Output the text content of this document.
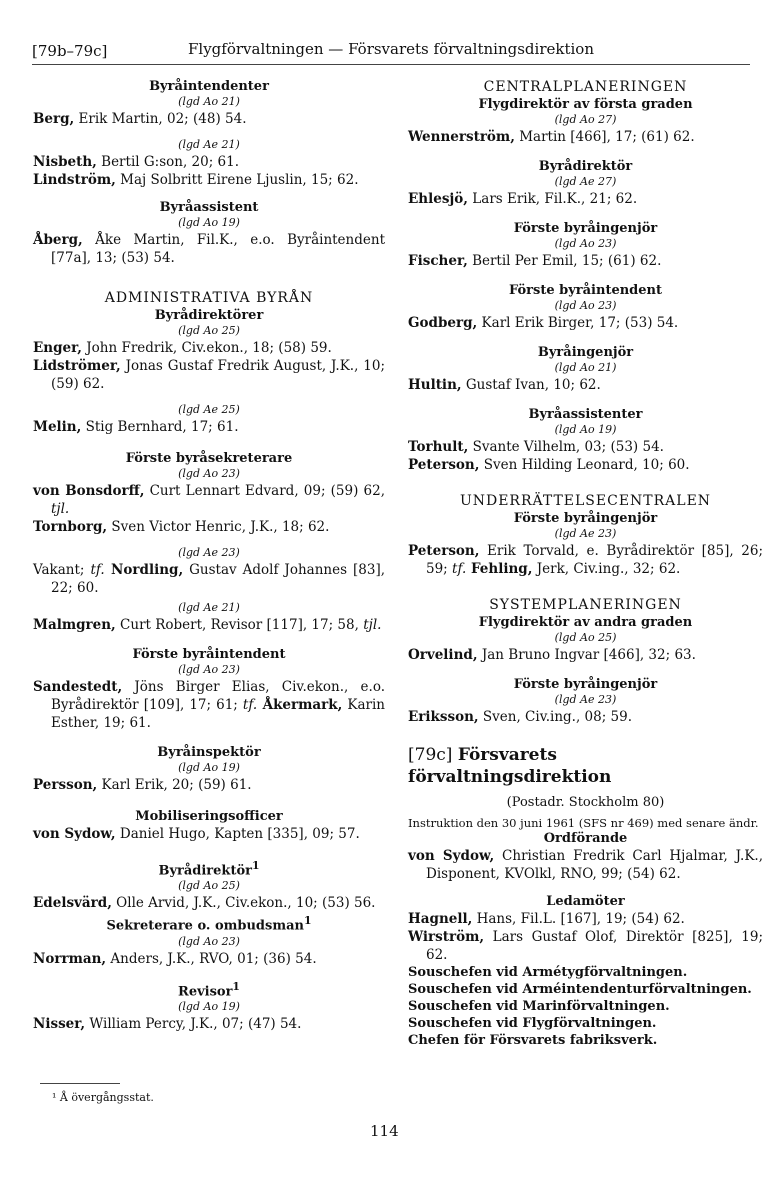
[79b–79c]	Flygförvaltningen — Försvarets förvaltningsdirektion

Byråintendenter

(lgd Ao 21)

Berg, Erik Martin, 02; (48) 54.

(lgd Ae 21)

Nisbeth, Bertil G:son, 20; 61.

Lindström, Maj Solbritt Eirene Ljuslin, 15; 62.

Byråassistent

(lgd Ao 19)

Åberg, Åke Martin, Fil.K., e.o. Byråintendent [77a], 13; (53) 54.

ADMINISTRATIVA BYRÅN

Byrådirektörer

(lgd Ao 25)

Enger, John Fredrik, Civ.ekon., 18; (58) 59.

Lidströmer, Jonas Gustaf Fredrik August, J.K., 10; (59) 62.

(lgd Ae 25)

Melin, Stig Bernhard, 17; 61.

Förste byråsekreterare

(lgd Ao 23)

von Bonsdorff, Curt Lennart Edvard, 09; (59) 62, tjl.

Tornborg, Sven Victor Henric, J.K., 18; 62.

(lgd Ae 23)

Vakant; tf. Nordling, Gustav Adolf Johannes [83], 22; 60.

(lgd Ae 21)

Malmgren, Curt Robert, Revisor [117], 17; 58, tjl.

Förste byråintendent

(lgd Ao 23)

Sandestedt, Jöns Birger Elias, Civ.ekon., e.o. Byrådirektör [109], 17; 61; tf. Åkermark, Karin Esther, 19; 61.

Byråinspektör

(lgd Ao 19)

Persson, Karl Erik, 20; (59) 61.

Mobiliseringsofficer

von Sydow, Daniel Hugo, Kapten [335], 09; 57.

Byrådirektör$^1$

(lgd Ao 25)

Edelsvärd, Olle Arvid, J.K., Civ.ekon., 10; (53) 56.

Sekreterare o. ombudsman$^1$

(lgd Ao 23)

Norrman, Anders, J.K., RVO, 01; (36) 54.

Revisor$^1$

(lgd Ao 19)

Nisser, William Percy, J.K., 07; (47) 54.

CENTRALPLANERINGEN

Flygdirektör av första graden

(lgd Ao 27)

Wennerström, Martin [466], 17; (61) 62.

Byrådirektör

(lgd Ae 27)

Ehlesjö, Lars Erik, Fil.K., 21; 62.

Förste byråingenjör

(lgd Ao 23)

Fischer, Bertil Per Emil, 15; (61) 62.

Förste byråintendent

(lgd Ao 23)

Godberg, Karl Erik Birger, 17; (53) 54.

Byråingenjör

(lgd Ao 21)

Hultin, Gustaf Ivan, 10; 62.

Byråassistenter

(lgd Ao 19)

Torhult, Svante Vilhelm, 03; (53) 54.

Peterson, Sven Hilding Leonard, 10; 60.

UNDERRÄTTELSECENTRALEN

Förste byråingenjör

(lgd Ae 23)

Peterson, Erik Torvald, e. Byrådirektör [85], 26; 59; tf. Fehling, Jerk, Civ.ing., 32; 62.

SYSTEMPLANERINGEN

Flygdirektör av andra graden

(lgd Ao 25)

Orvelind, Jan Bruno Ingvar [466], 32; 63.

Förste byråingenjör

(lgd Ae 23)

Eriksson, Sven, Civ.ing., 08; 59.

[79c] Försvarets förvaltningsdirektion

(Postadr. Stockholm 80)

Instruktion den 30 juni 1961 (SFS nr 469) med senare ändr.

Ordförande

von Sydow, Christian Fredrik Carl Hjalmar, J.K., Disponent, KVOlkl, RNO, 99; (54) 62.

Ledamöter

Hagnell, Hans, Fil.L. [167], 19; (54) 62.

Wirström, Lars Gustaf Olof, Direktör [825], 19; 62.

Souschefen vid Armétygförvaltningen.

Souschefen vid Arméintendenturförvaltningen.

Souschefen vid Marinförvaltningen.

Souschefen vid Flygförvaltningen.

Chefen för Försvarets fabriksverk.

¹ Å övergångsstat.
114
